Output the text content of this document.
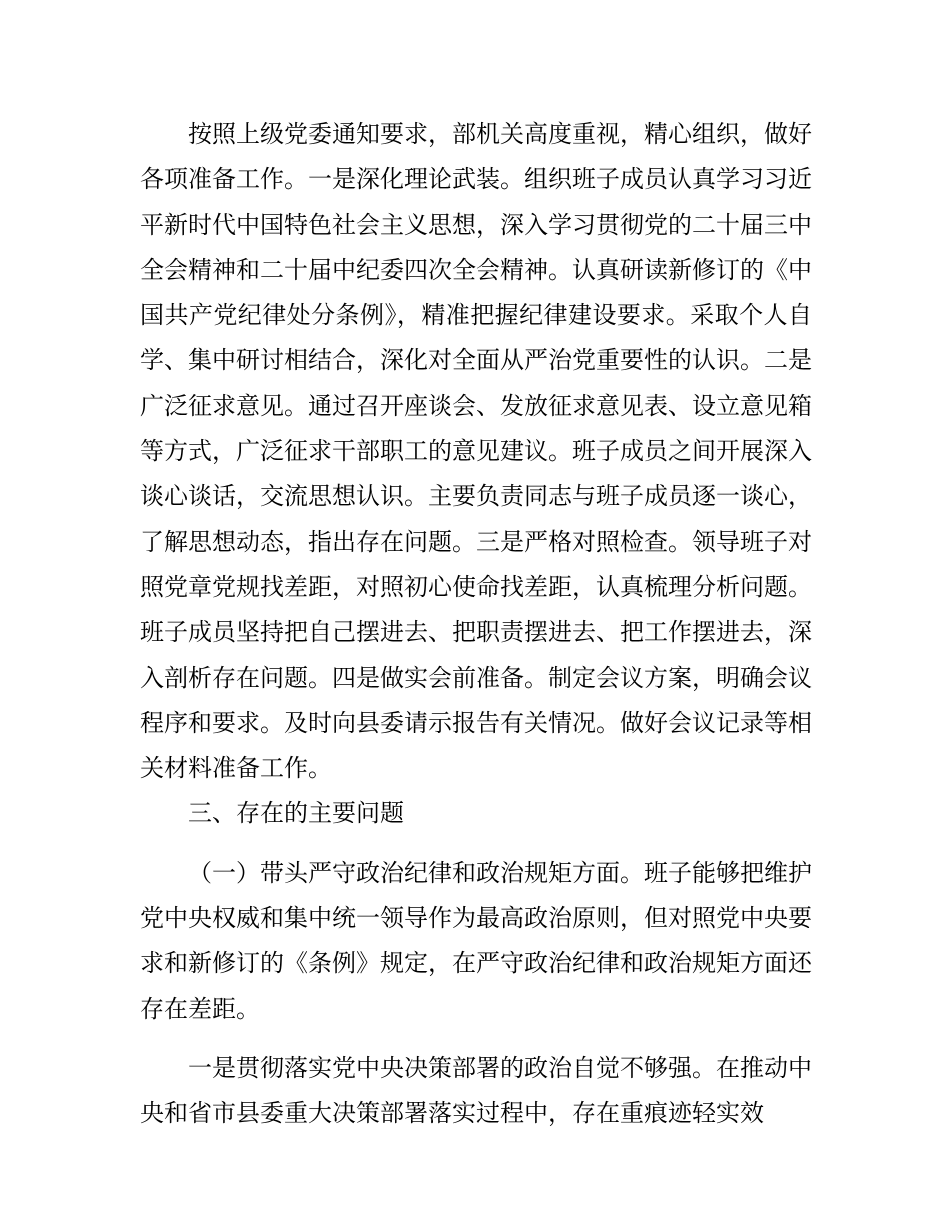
按照上级党委通知要求，部机关高度重视，精心组织，做好各项准备工作。一是深化理论武装。组织班子成员认真学习习近平新时代中国特色社会主义思想，深入学习贯彻党的二十届三中全会精神和二十届中纪委四次全会精神。认真研读新修订的《中国共产党纪律处分条例》，精准把握纪律建设要求。采取个人自学、集中研讨相结合，深化对全面从严治党重要性的认识。二是广泛征求意见。通过召开座谈会、发放征求意见表、设立意见箱等方式，广泛征求干部职工的意见建议。班子成员之间开展深入谈心谈话，交流思想认识。主要负责同志与班子成员逐一谈心，了解思想动态，指出存在问题。三是严格对照检查。领导班子对照党章党规找差距，对照初心使命找差距，认真梳理分析问题。班子成员坚持把自己摆进去、把职责摆进去、把工作摆进去，深入剖析存在问题。四是做实会前准备。制定会议方案，明确会议程序和要求。及时向县委请示报告有关情况。做好会议记录等相关材料准备工作。

三、存在的主要问题

（一）带头严守政治纪律和政治规矩方面。班子能够把维护党中央权威和集中统一领导作为最高政治原则，但对照党中央要求和新修订的《条例》规定，在严守政治纪律和政治规矩方面还存在差距。

一是贯彻落实党中央决策部署的政治自觉不够强。在推动中央和省市县委重大决策部署落实过程中，存在重痕迹轻实效
